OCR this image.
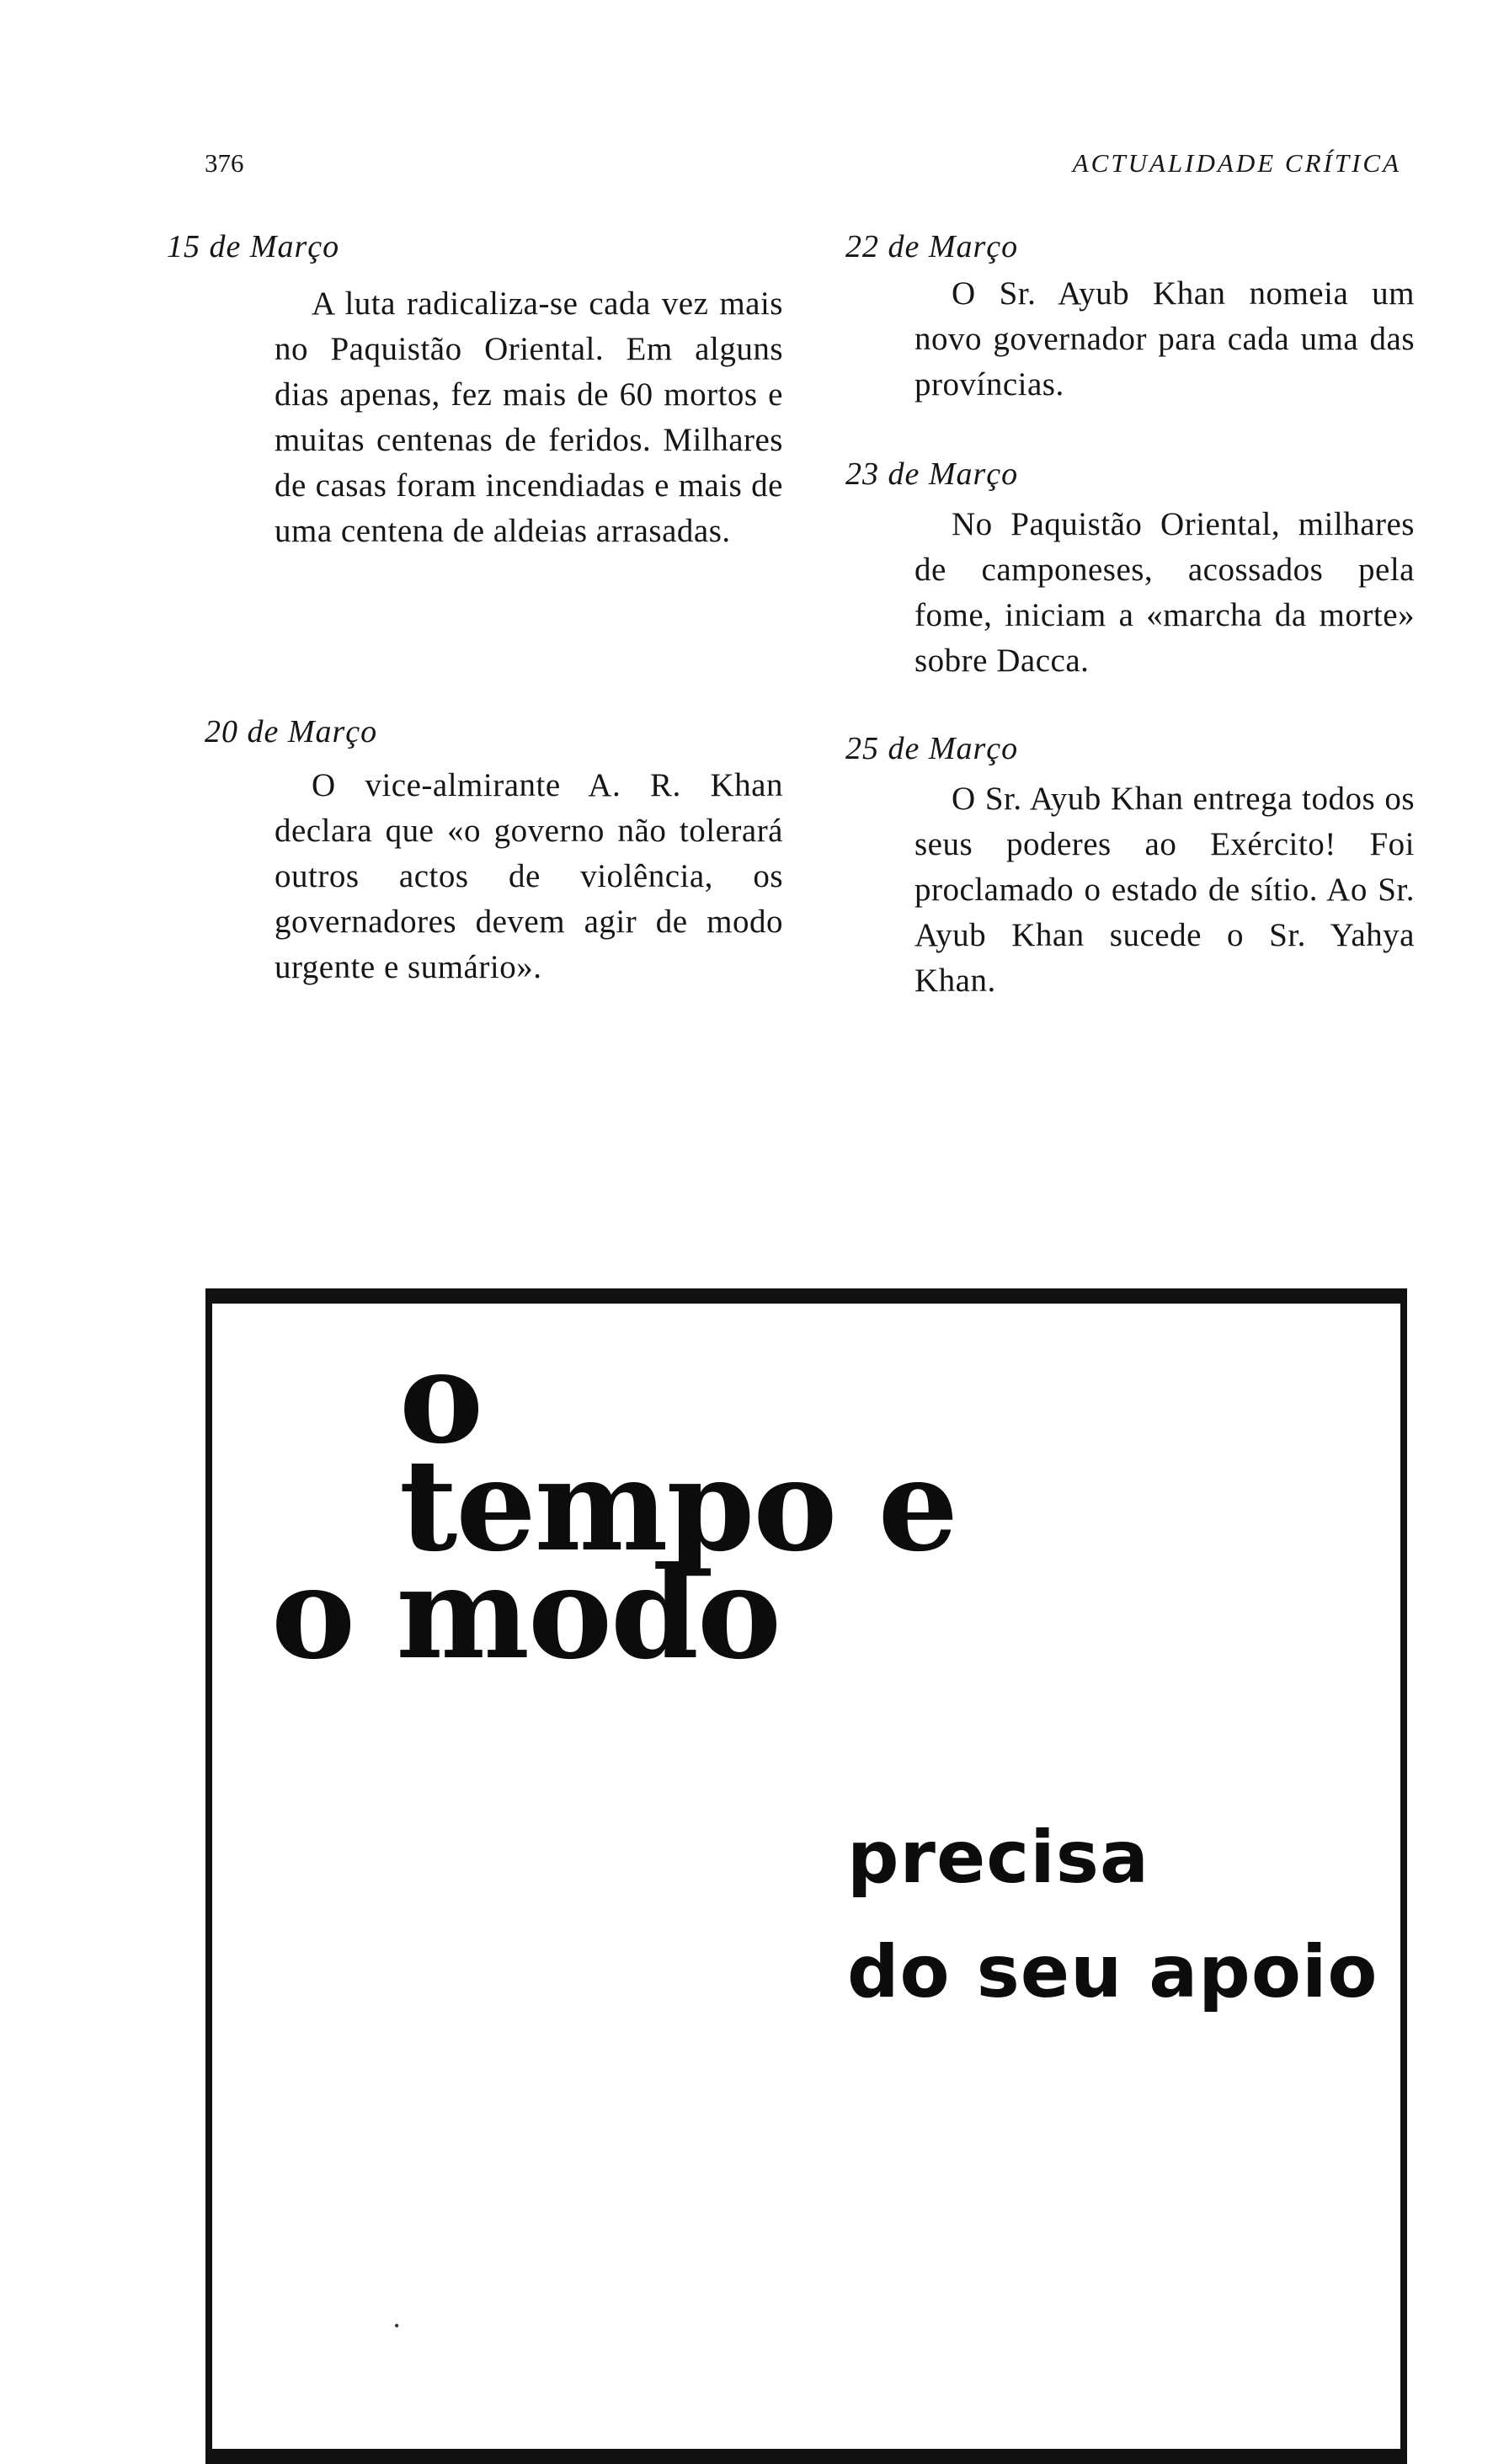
376	ACTUALIDADE CRÍTICA
15 de Março
A luta radicaliza-se cada vez mais no Paquistão Oriental. Em alguns dias apenas, fez mais de 60 mortos e muitas centenas de feridos. Milhares de casas foram incendiadas e mais de uma centena de aldeias arrasadas.
20 de Março
O vice-almirante A. R. Khan declara que «o governo não tolerará outros actos de violência, os governadores devem agir de modo urgente e sumário».
22 de Março
O Sr. Ayub Khan nomeia um novo governador para cada uma das províncias.
23 de Março
No Paquistão Oriental, milhares de camponeses, acossados pela fome, iniciam a «marcha da morte» sobre Dacca.
25 de Março
O Sr. Ayub Khan entrega todos os seus poderes ao Exército! Foi proclamado o estado de sítio. Ao Sr. Ayub Khan sucede o Sr. Yahya Khan.
o
tempo e
o modo
precisa
do seu apoio
•
